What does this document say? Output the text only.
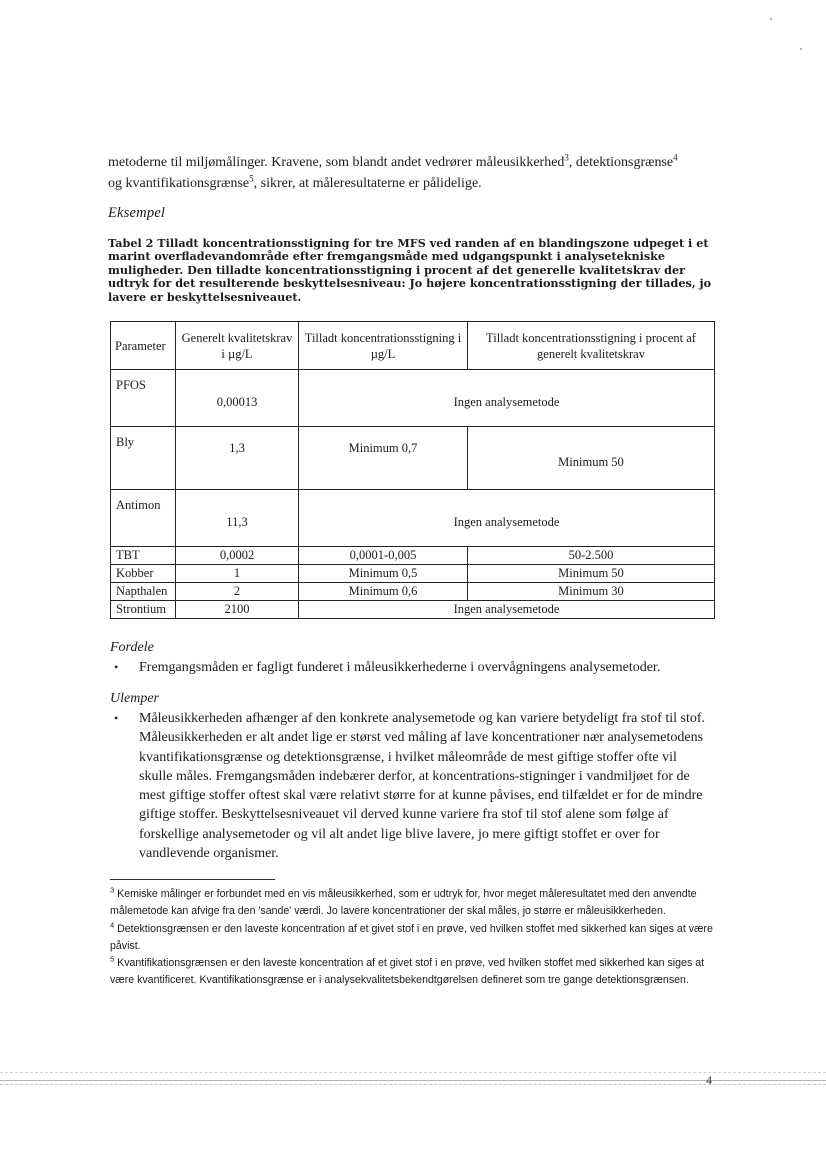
metoderne til miljømålinger. Kravene, som blandt andet vedrører måleusikkerhed$^3$, detektionsgrænse$^4$
og kvantifikationsgrænse$^5$, sikrer, at måleresultaterne er pålidelige.

Eksempel

Tabel 2 Tilladt koncentrationsstigning for tre MFS ved randen af en blandingszone udpeget i et marint overfladevandområde efter fremgangsmåde med udgangspunkt i analysetekniske muligheder. Den tilladte koncentrationsstigning i procent af det generelle kvalitetskrav der udtryk for det resulterende beskyttelsesniveau: Jo højere koncentrationsstigning der tillades, jo lavere er beskyttelsesniveauet.

Parameter	Generelt kvalitetskrav i µg/L	Tilladt koncentrationsstigning i µg/L	Tilladt koncentrationsstigning i procent af generelt kvalitetskrav
PFOS	0,00013	Ingen analysemetode	
Bly	1,3	Minimum 0,7	Minimum 50
Antimon	11,3	Ingen analysemetode	
TBT	0,0002	0,0001-0,005	50-2.500
Kobber	1	Minimum 0,5	Minimum 50
Napthalen	2	Minimum 0,6	Minimum 30
Strontium	2100	Ingen analysemetode	

Fordele

• Fremgangsmåden er fagligt funderet i måleusikkerhederne i overvågningens analysemetoder.

Ulemper

• Måleusikkerheden afhænger af den konkrete analysemetode og kan variere betydeligt fra stof til stof. Måleusikkerheden er alt andet lige er størst ved måling af lave koncentrationer nær analysemetodens kvantifikationsgrænse og detektionsgrænse, i hvilket måleområde de mest giftige stoffer ofte vil skulle måles. Fremgangsmåden indebærer derfor, at koncentrations-stigninger i vandmiljøet for de mest giftige stoffer oftest skal være relativt større for at kunne påvises, end tilfældet er for de mindre giftige stoffer. Beskyttelsesniveauet vil derved kunne variere fra stof til stof alene som følge af forskellige analysemetoder og vil alt andet lige blive lavere, jo mere giftigt stoffet er over for vandlevende organismer.

$^3$ Kemiske målinger er forbundet med en vis måleusikkerhed, som er udtryk for, hvor meget måleresultatet med den anvendte målemetode kan afvige fra den 'sande' værdi. Jo lavere koncentrationer der skal måles, jo større er måleusikkerheden.

$^4$ Detektionsgrænsen er den laveste koncentration af et givet stof i en prøve, ved hvilken stoffet med sikkerhed kan siges at være påvist.

$^5$ Kvantifikationsgrænsen er den laveste koncentration af et givet stof i en prøve, ved hvilken stoffet med sikkerhed kan siges at være kvantificeret. Kvantifikationsgrænse er i analysekvalitetsbekendtgørelsen defineret som tre gange detektionsgrænsen.

4
